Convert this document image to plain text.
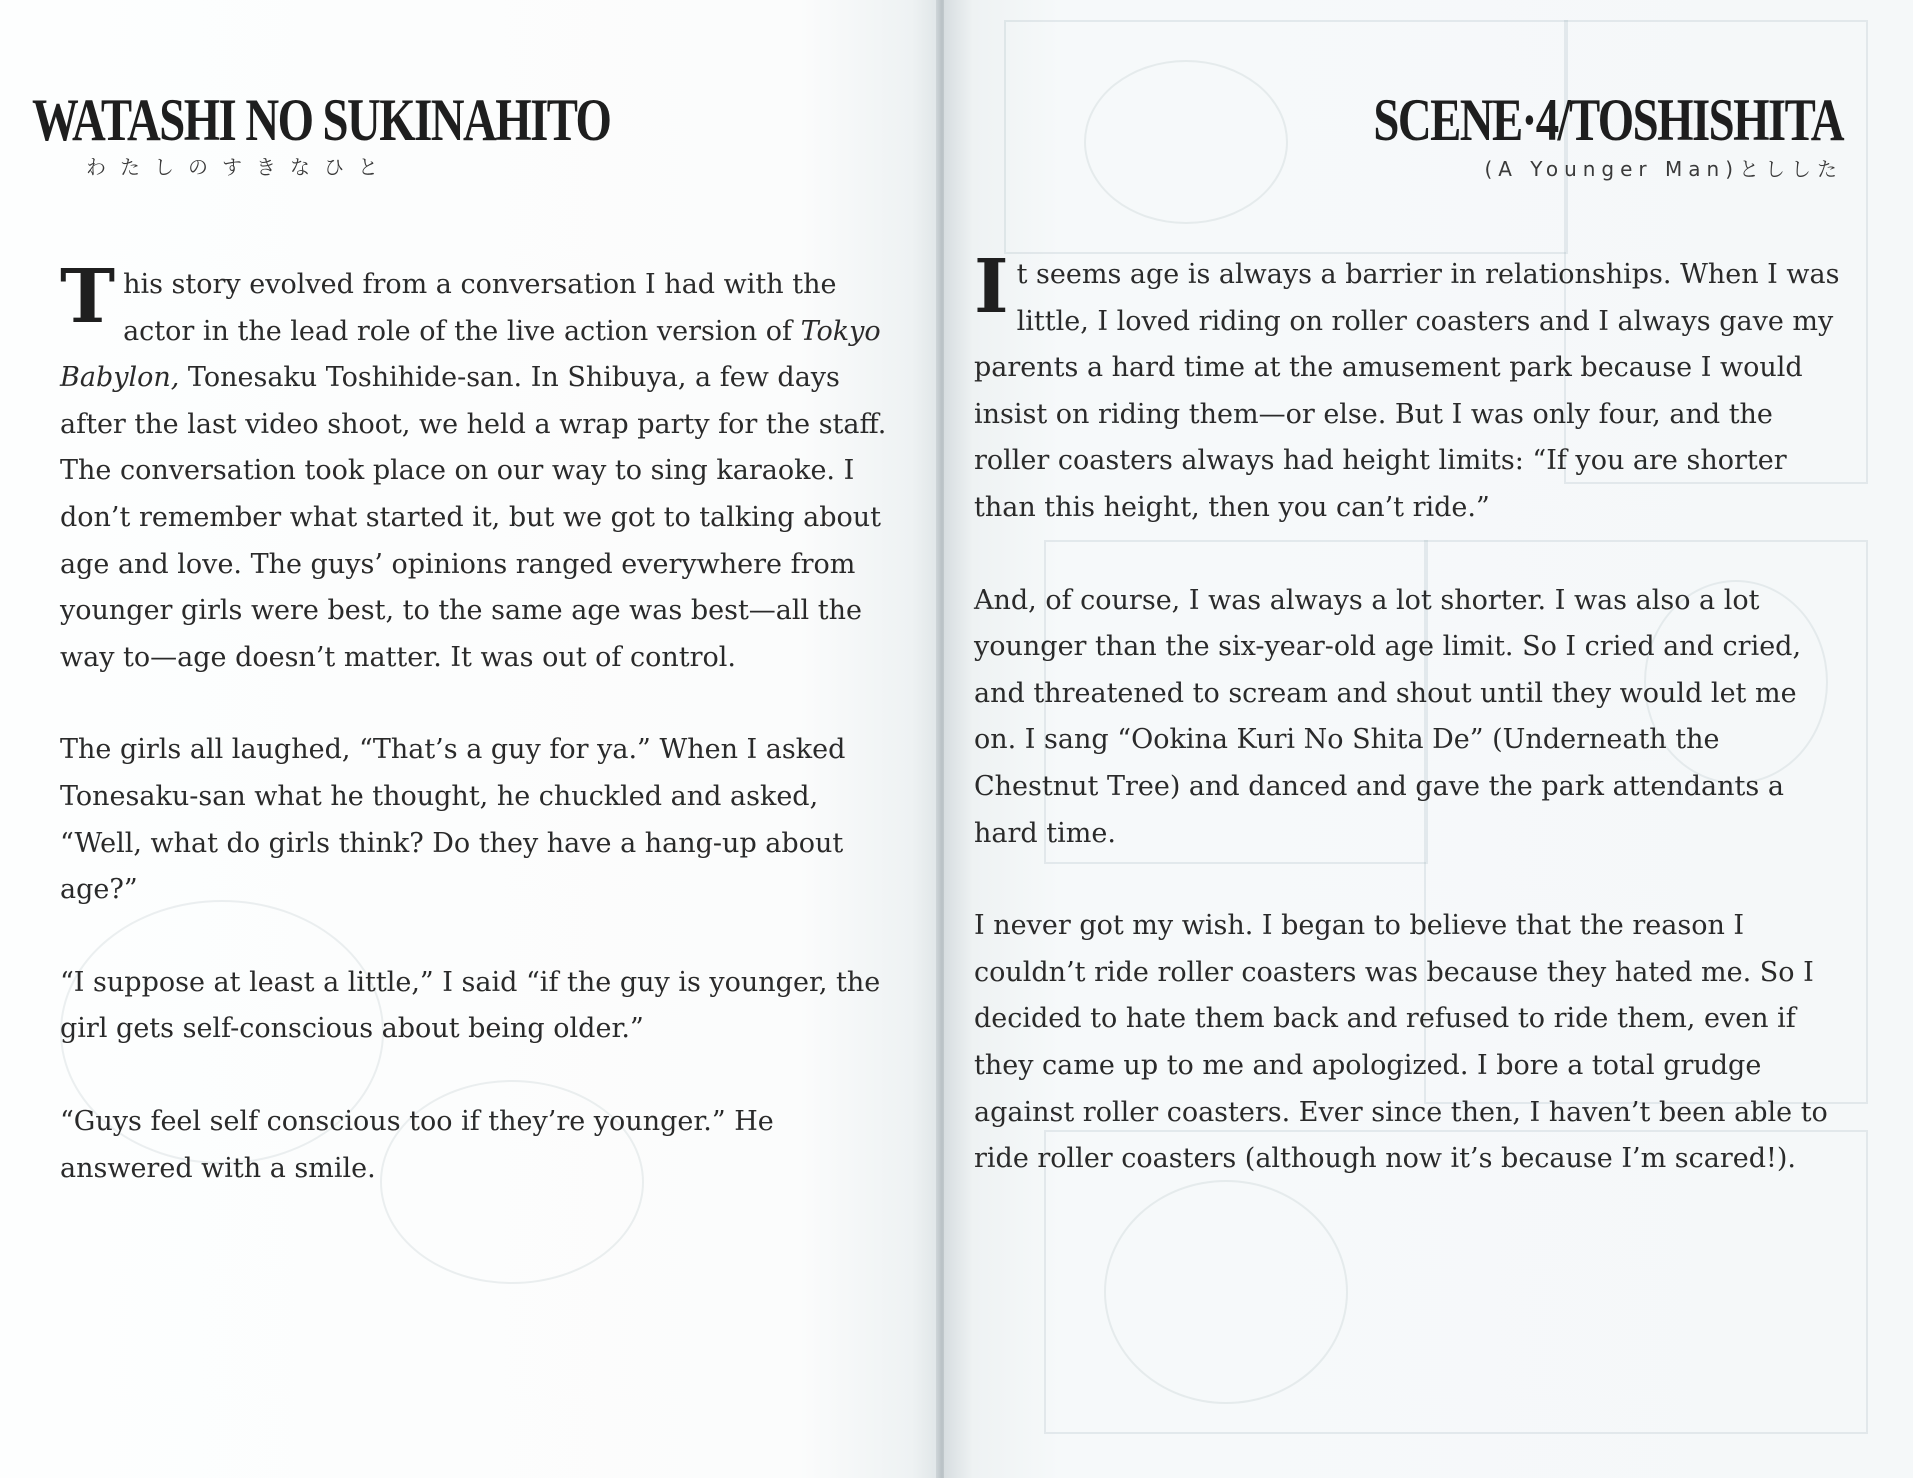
WATASHI NO SUKINAHITO
わたしのすきなひと

This story evolved from a conversation I had with the actor in the lead role of the live action version of Tokyo Babylon, Tonesaku Toshihide-san. In Shibuya, a few days after the last video shoot, we held a wrap party for the staff. The conversation took place on our way to sing karaoke. I don’t remember what started it, but we got to talking about age and love. The guys’ opinions ranged everywhere from younger girls were best, to the same age was best—all the way to—age doesn’t matter. It was out of control.

The girls all laughed, “That’s a guy for ya.” When I asked Tonesaku-san what he thought, he chuckled and asked, “Well, what do girls think? Do they have a hang-up about age?”

“I suppose at least a little,” I said “if the guy is younger, the girl gets self-conscious about being older.”

“Guys feel self conscious too if they’re younger.” He answered with a smile.

SCENE·4/TOSHISHITA
(A Younger Man)としした

It seems age is always a barrier in relationships. When I was little, I loved riding on roller coasters and I always gave my parents a hard time at the amusement park because I would insist on riding them—or else. But I was only four, and the roller coasters always had height limits: “If you are shorter than this height, then you can’t ride.”

And, of course, I was always a lot shorter. I was also a lot younger than the six-year-old age limit. So I cried and cried, and threatened to scream and shout until they would let me on. I sang “Ookina Kuri No Shita De” (Underneath the Chestnut Tree) and danced and gave the park attendants a hard time.

I never got my wish. I began to believe that the reason I couldn’t ride roller coasters was because they hated me. So I decided to hate them back and refused to ride them, even if they came up to me and apologized. I bore a total grudge against roller coasters. Ever since then, I haven’t been able to ride roller coasters (although now it’s because I’m scared!).
